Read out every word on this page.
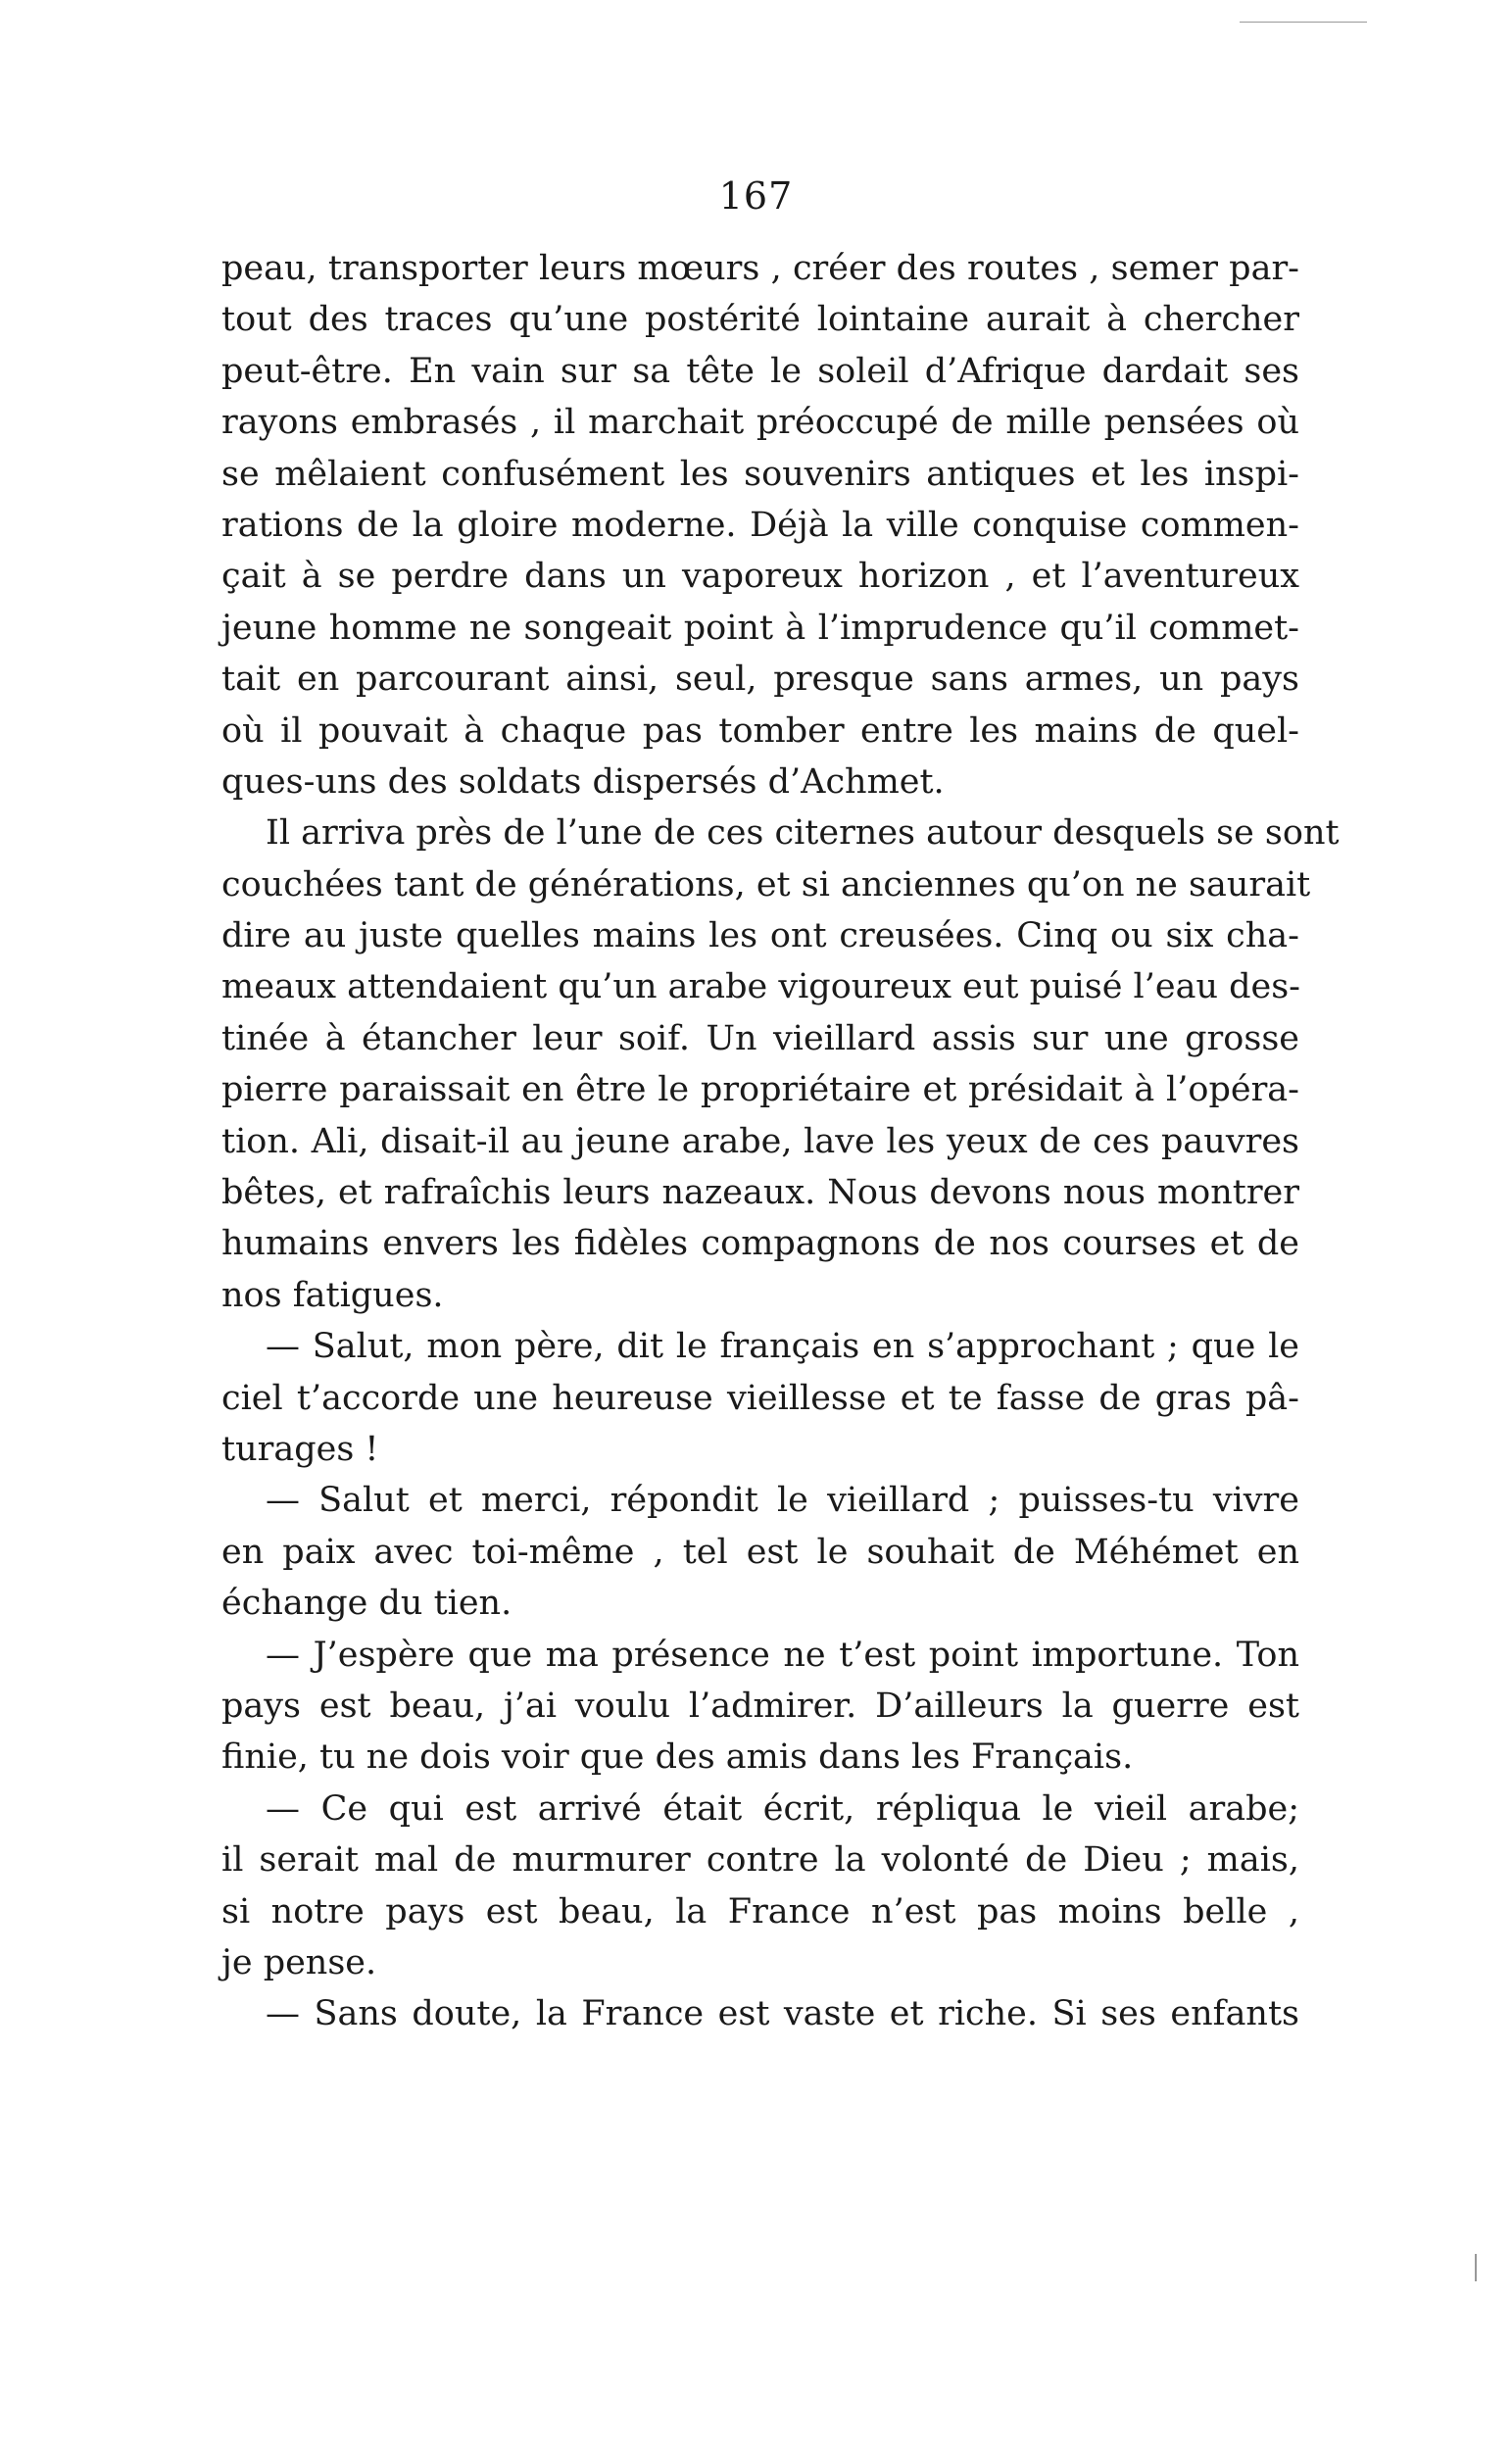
167
peau, transporter leurs mœurs , créer des routes , semer par-
tout des traces qu’une postérité lointaine aurait à chercher
peut-être. En vain sur sa tête le soleil d’Afrique dardait ses
rayons embrasés , il marchait préoccupé de mille pensées où
se mêlaient confusément les souvenirs antiques et les inspi-
rations de la gloire moderne. Déjà la ville conquise commen-
çait à se perdre dans un vaporeux horizon , et l’aventureux
jeune homme ne songeait point à l’imprudence qu’il commet-
tait en parcourant ainsi, seul, presque sans armes, un pays
où il pouvait à chaque pas tomber entre les mains de quel-
ques-uns des soldats dispersés d’Achmet.
Il arriva près de l’une de ces citernes autour desquels se sont
couchées tant de générations, et si anciennes qu’on ne saurait
dire au juste quelles mains les ont creusées. Cinq ou six cha-
meaux attendaient qu’un arabe vigoureux eut puisé l’eau des-
tinée à étancher leur soif. Un vieillard assis sur une grosse
pierre paraissait en être le propriétaire et présidait à l’opéra-
tion. Ali, disait-il au jeune arabe, lave les yeux de ces pauvres
bêtes, et rafraîchis leurs nazeaux. Nous devons nous montrer
humains envers les fidèles compagnons de nos courses et de
nos fatigues.
— Salut, mon père, dit le français en s’approchant ; que le
ciel t’accorde une heureuse vieillesse et te fasse de gras pâ-
turages !
— Salut et merci, répondit le vieillard ; puisses-tu vivre
en paix avec toi-même , tel est le souhait de Méhémet en
échange du tien.
— J’espère que ma présence ne t’est point importune. Ton
pays est beau, j’ai voulu l’admirer. D’ailleurs la guerre est
finie, tu ne dois voir que des amis dans les Français.
— Ce qui est arrivé était écrit, répliqua le vieil arabe;
il serait mal de murmurer contre la volonté de Dieu ; mais,
si notre pays est beau, la France n’est pas moins belle ,
je pense.
— Sans doute, la France est vaste et riche. Si ses enfants
